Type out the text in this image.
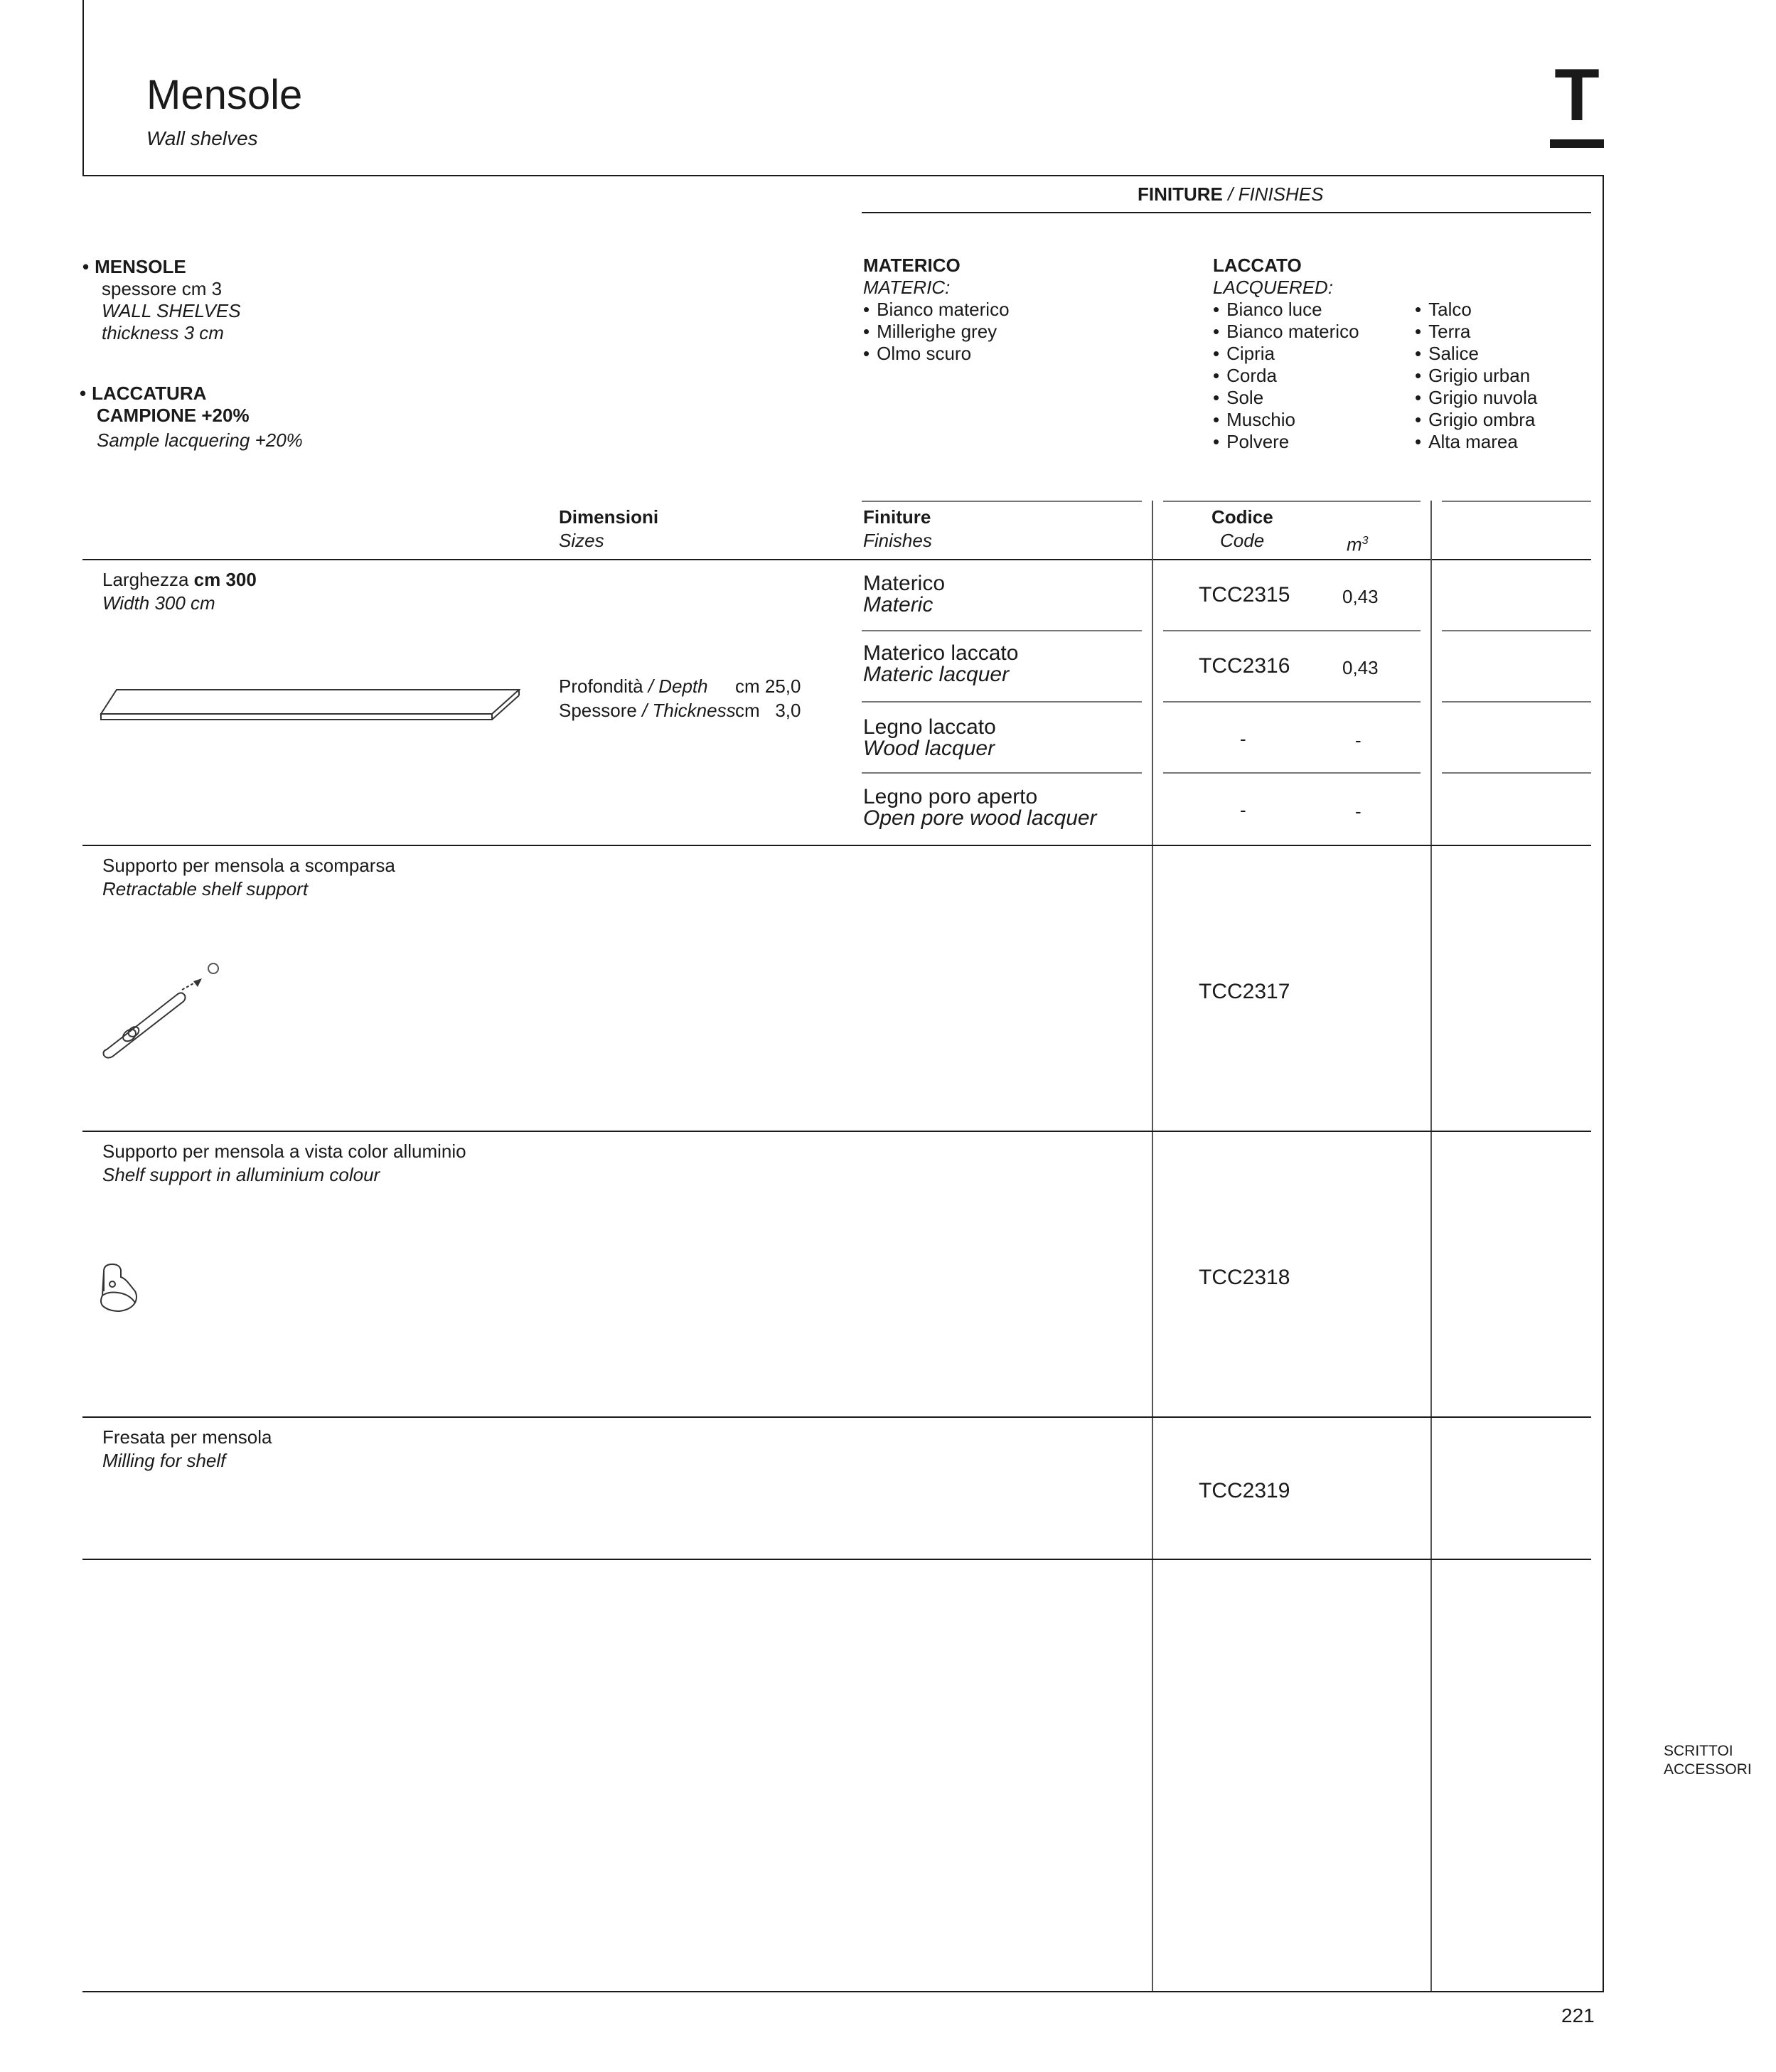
Mensole
Wall shelves
T
FINITURE / FINISHES
• MENSOLE
spessore cm 3
WALL SHELVES
thickness 3 cm
• LACCATURA
CAMPIONE +20%
Sample lacquering +20%
MATERICO
MATERIC:
• Bianco materico
• Millerighe grey
• Olmo scuro
LACCATO
LACQUERED:
• Bianco luce
• Bianco materico
• Cipria
• Corda
• Sole
• Muschio
• Polvere
• Talco
• Terra
• Salice
• Grigio urban
• Grigio nuvola
• Grigio ombra
• Alta marea
Dimensioni
Sizes
Finiture
Finishes
Codice
Code	$m^3$
Larghezza cm 300
Width 300 cm
Profondità / Depth cm 25,0
Spessore / Thickness cm   3,0
Materico
Materic	TCC2315	0,43
Materico laccato
Materic lacquer	TCC2316	0,43
Legno laccato
Wood lacquer	-	-
Legno poro aperto
Open pore wood lacquer	-	-
Supporto per mensola a scomparsa
Retractable shelf support
TCC2317
Supporto per mensola a vista color alluminio
Shelf support in alluminium colour
TCC2318
Fresata per mensola
Milling for shelf
TCC2319
SCRITTOI
ACCESSORI
221
